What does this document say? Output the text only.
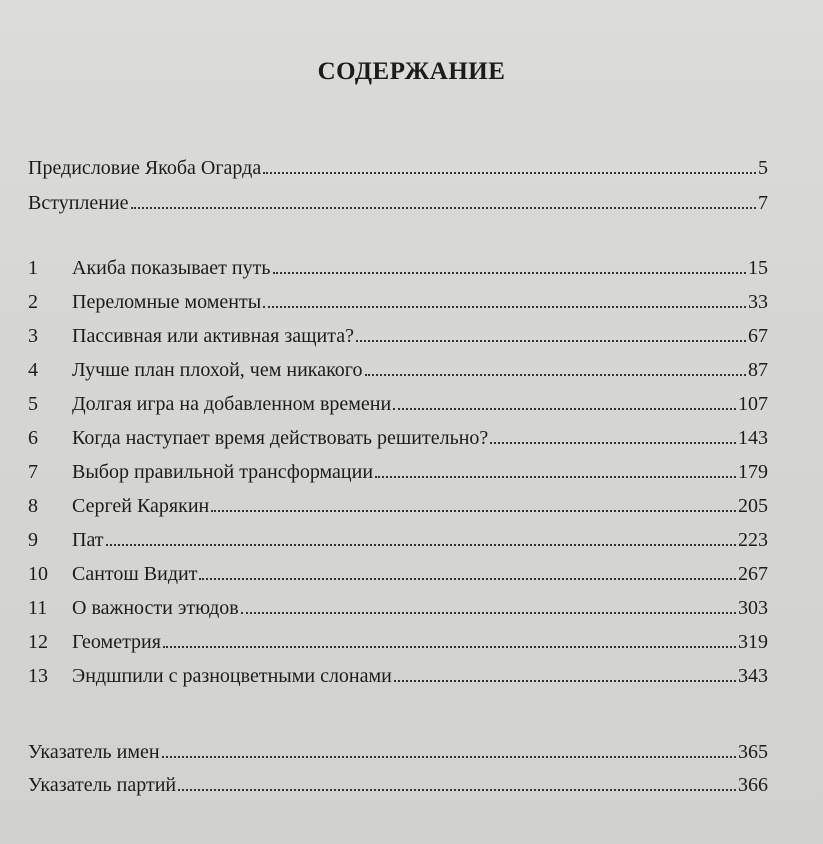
СОДЕРЖАНИЕ
Предисловие Якоба Огарда	5
Вступление	7
1	Акиба показывает путь	15
2	Переломные моменты	33
3	Пассивная или активная защита?	67
4	Лучше план плохой, чем никакого	87
5	Долгая игра на добавленном времени	107
6	Когда наступает время действовать решительно?	143
7	Выбор правильной трансформации	179
8	Сергей Карякин	205
9	Пат	223
10	Сантош Видит	267
11	О важности этюдов	303
12	Геометрия	319
13	Эндшпили с разноцветными слонами	343
Указатель имен	365
Указатель партий	366
